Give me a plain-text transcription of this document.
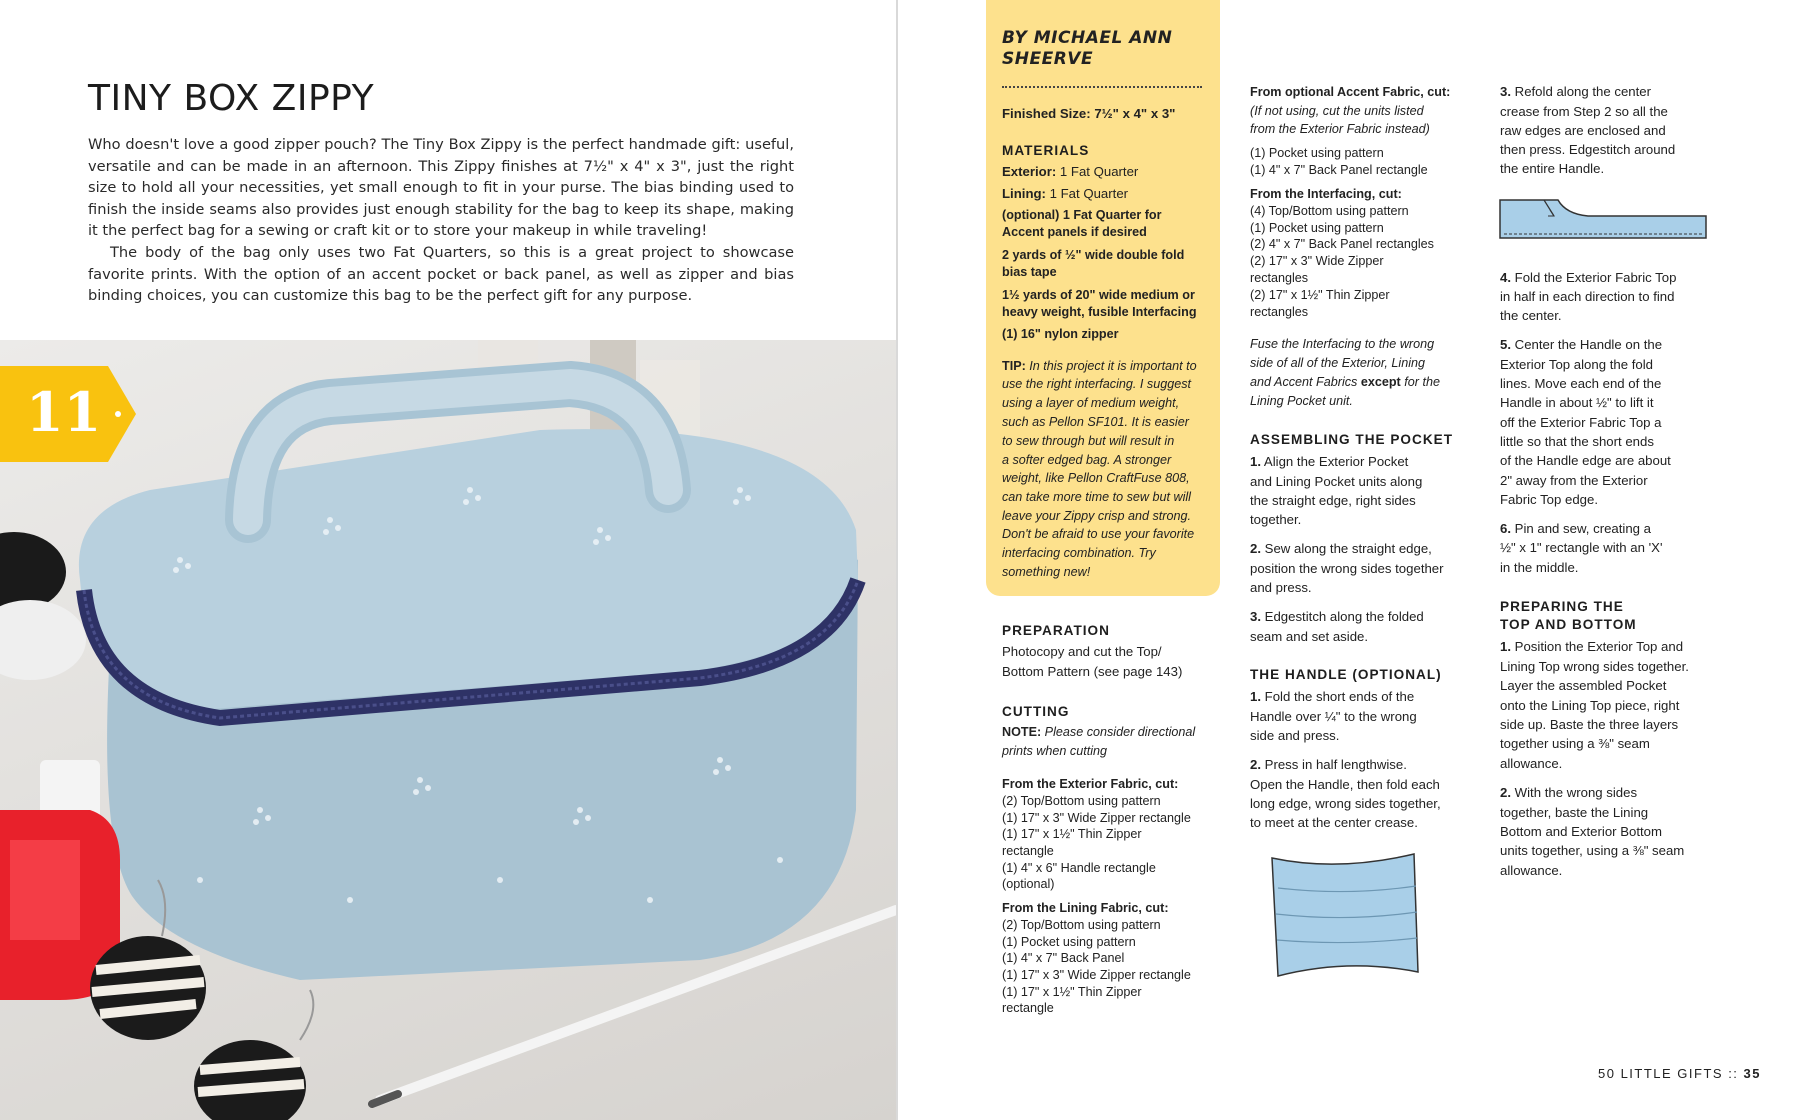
TINY BOX ZIPPY

Who doesn't love a good zipper pouch? The Tiny Box Zippy is the perfect handmade gift: useful, versatile and can be made in an afternoon. This Zippy finishes at 7½" x 4" x 3", just the right size to hold all your necessities, yet small enough to fit in your purse. The bias binding used to finish the inside seams also provides just enough stability for the bag to keep its shape, making it the perfect bag for a sewing or craft kit or to store your makeup in while traveling!

The body of the bag only uses two Fat Quarters, so this is a great project to showcase favorite prints. With the option of an accent pocket or back panel, as well as zipper and bias binding choices, you can customize this bag to be the perfect gift for any purpose.

11
BY MICHAEL ANN SHEERVE
Finished Size: 7½" x 4" x 3"
MATERIALS
Exterior: 1 Fat Quarter
Lining: 1 Fat Quarter
(optional) 1 Fat Quarter for
Accent panels if desired
2 yards of ½" wide double fold
bias tape
1½ yards of 20" wide medium or
heavy weight, fusible Interfacing
(1) 16" nylon zipper
TIP: In this project it is important to
use the right interfacing. I suggest
using a layer of medium weight,
such as Pellon SF101. It is easier
to sew through but will result in
a softer edged bag. A stronger
weight, like Pellon CraftFuse 808,
can take more time to sew but will
leave your Zippy crisp and strong.
Don't be afraid to use your favorite
interfacing combination. Try
something new!
PREPARATION
Photocopy and cut the Top/
Bottom Pattern (see page 143)
CUTTING
NOTE: Please consider directional
prints when cutting
From the Exterior Fabric, cut:
(2) Top/Bottom using pattern
(1) 17" x 3" Wide Zipper rectangle
(1) 17" x 1½" Thin Zipper
rectangle
(1) 4" x 6" Handle rectangle
(optional)
From the Lining Fabric, cut:
(2) Top/Bottom using pattern
(1) Pocket using pattern
(1) 4" x 7" Back Panel
(1) 17" x 3" Wide Zipper rectangle
(1) 17" x 1½" Thin Zipper
rectangle
From optional Accent Fabric, cut:
(If not using, cut the units listed
from the Exterior Fabric instead)
(1) Pocket using pattern
(1) 4" x 7" Back Panel rectangle
From the Interfacing, cut:
(4) Top/Bottom using pattern
(1) Pocket using pattern
(2) 4" x 7" Back Panel rectangles
(2) 17" x 3" Wide Zipper
rectangles
(2) 17" x 1½" Thin Zipper
rectangles
Fuse the Interfacing to the wrong
side of all of the Exterior, Lining
and Accent Fabrics except for the
Lining Pocket unit.
ASSEMBLING THE POCKET
1. Align the Exterior Pocket
and Lining Pocket units along
the straight edge, right sides
together.
2. Sew along the straight edge,
position the wrong sides together
and press.
3. Edgestitch along the folded
seam and set aside.
THE HANDLE (OPTIONAL)
1. Fold the short ends of the
Handle over ¼" to the wrong
side and press.
2. Press in half lengthwise.
Open the Handle, then fold each
long edge, wrong sides together,
to meet at the center crease.
3. Refold along the center
crease from Step 2 so all the
raw edges are enclosed and
then press. Edgestitch around
the entire Handle.
4. Fold the Exterior Fabric Top
in half in each direction to find
the center.
5. Center the Handle on the
Exterior Top along the fold
lines. Move each end of the
Handle in about ½" to lift it
off the Exterior Fabric Top a
little so that the short ends
of the Handle edge are about
2" away from the Exterior
Fabric Top edge.
6. Pin and sew, creating a
½" x 1" rectangle with an 'X'
in the middle.
PREPARING THE
TOP AND BOTTOM
1. Position the Exterior Top and
Lining Top wrong sides together.
Layer the assembled Pocket
onto the Lining Top piece, right
side up. Baste the three layers
together using a ⅜" seam
allowance.
2. With the wrong sides
together, baste the Lining
Bottom and Exterior Bottom
units together, using a ⅜" seam
allowance.
50 LITTLE GIFTS :: 35
